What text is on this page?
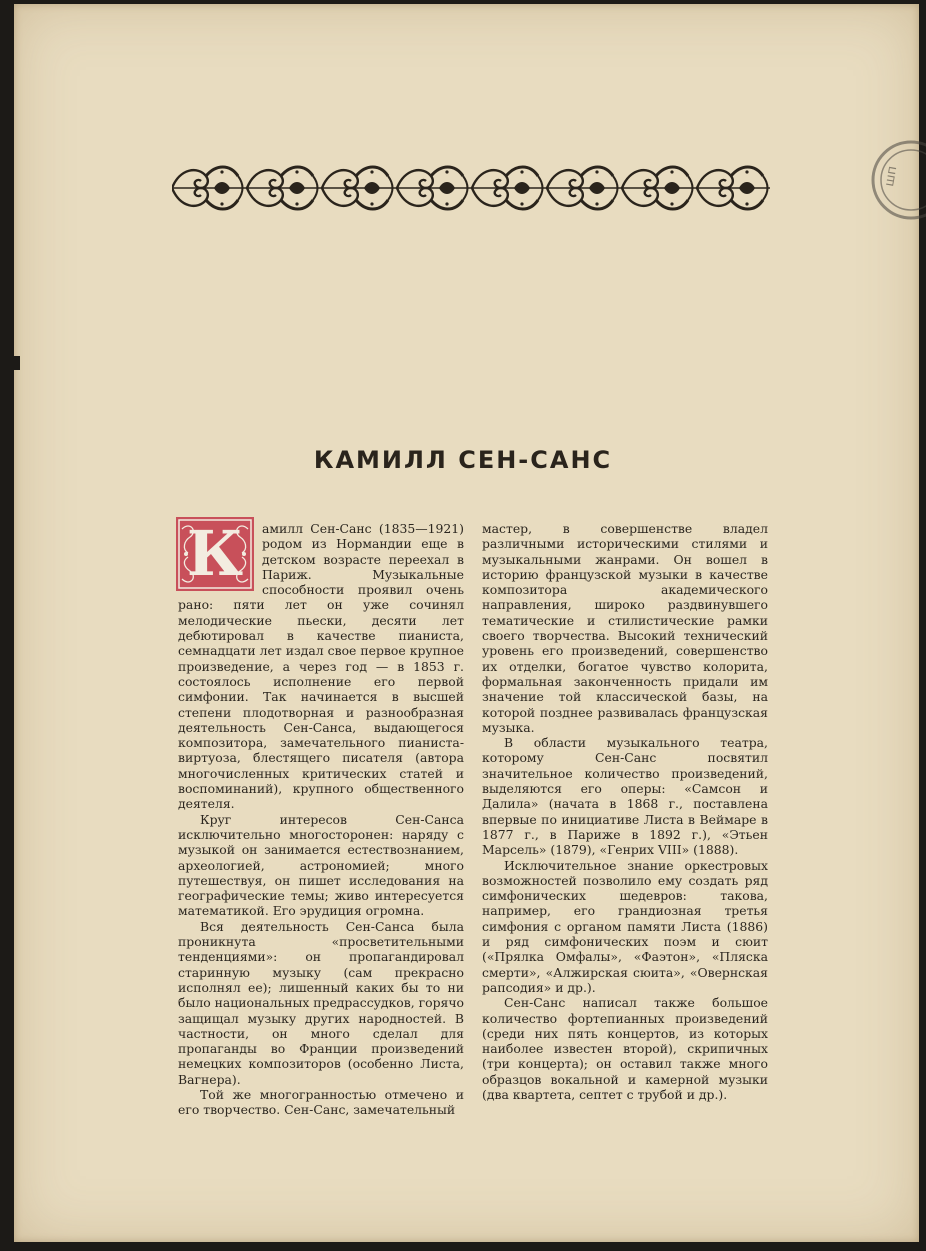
шп
КАМИЛЛ СЕН-САНС
К	амилл Сен-Санс (1835—1921) родом из Нормандии еще в детском возрасте переехал в Париж. Музыкальные способности проявил очень рано: пяти лет он уже сочинял мелодические пьески, десяти лет дебютировал в качестве пианиста, семнадцати лет издал свое первое крупное произведение, а через год — в 1853 г. состоялось исполнение его первой симфонии. Так начинается в высшей степени плодотворная и разнообразная деятельность Сен-Санса, выдающегося композитора, замечательного пианиста-виртуоза, блестящего писателя (автора многочисленных критических статей и воспоминаний), крупного общественного деятеля.

Круг интересов Сен-Санса исключительно многосторонен: наряду с музыкой он занимается естествознанием, археологией, астрономией; много путешествуя, он пишет исследования на географические темы; живо интересуется математикой. Его эрудиция огромна.

Вся деятельность Сен-Санса была проникнута «просветительными тенденциями»: он пропагандировал старинную музыку (сам прекрасно исполнял ее); лишенный каких бы то ни было национальных предрассудков, горячо защищал музыку других народностей. В частности, он много сделал для пропаганды во Франции произведений немецких композиторов (особенно Листа, Вагнера).

Той же многогранностью отмечено и его творчество. Сен-Санс, замечательный

мастер, в совершенстве владел различными историческими стилями и музыкальными жанрами. Он вошел в историю французской музыки в качестве композитора академического направления, широко раздвинувшего тематические и стилистические рамки своего творчества. Высокий технический уровень его произведений, совершенство их отделки, богатое чувство колорита, формальная законченность придали им значение той классической базы, на которой позднее развивалась французская музыка.

В области музыкального театра, которому Сен-Санс посвятил значительное количество произведений, выделяются его оперы: «Самсон и Далила» (начата в 1868 г., поставлена впервые по инициативе Листа в Веймаре в 1877 г., в Париже в 1892 г.), «Этьен Марсель» (1879), «Генрих VIII» (1888).

Исключительное знание оркестровых возможностей позволило ему создать ряд симфонических шедевров: такова, например, его грандиозная третья симфония с органом памяти Листа (1886) и ряд симфонических поэм и сюит («Прялка Омфалы», «Фаэтон», «Пляска смерти», «Алжирская сюита», «Овернская рапсодия» и др.).

Сен-Санс написал также большое количество фортепианных произведений (среди них пять концертов, из которых наиболее известен второй), скрипичных (три концерта); он оставил также много образцов вокальной и камерной музыки (два квартета, септет с трубой и др.).
